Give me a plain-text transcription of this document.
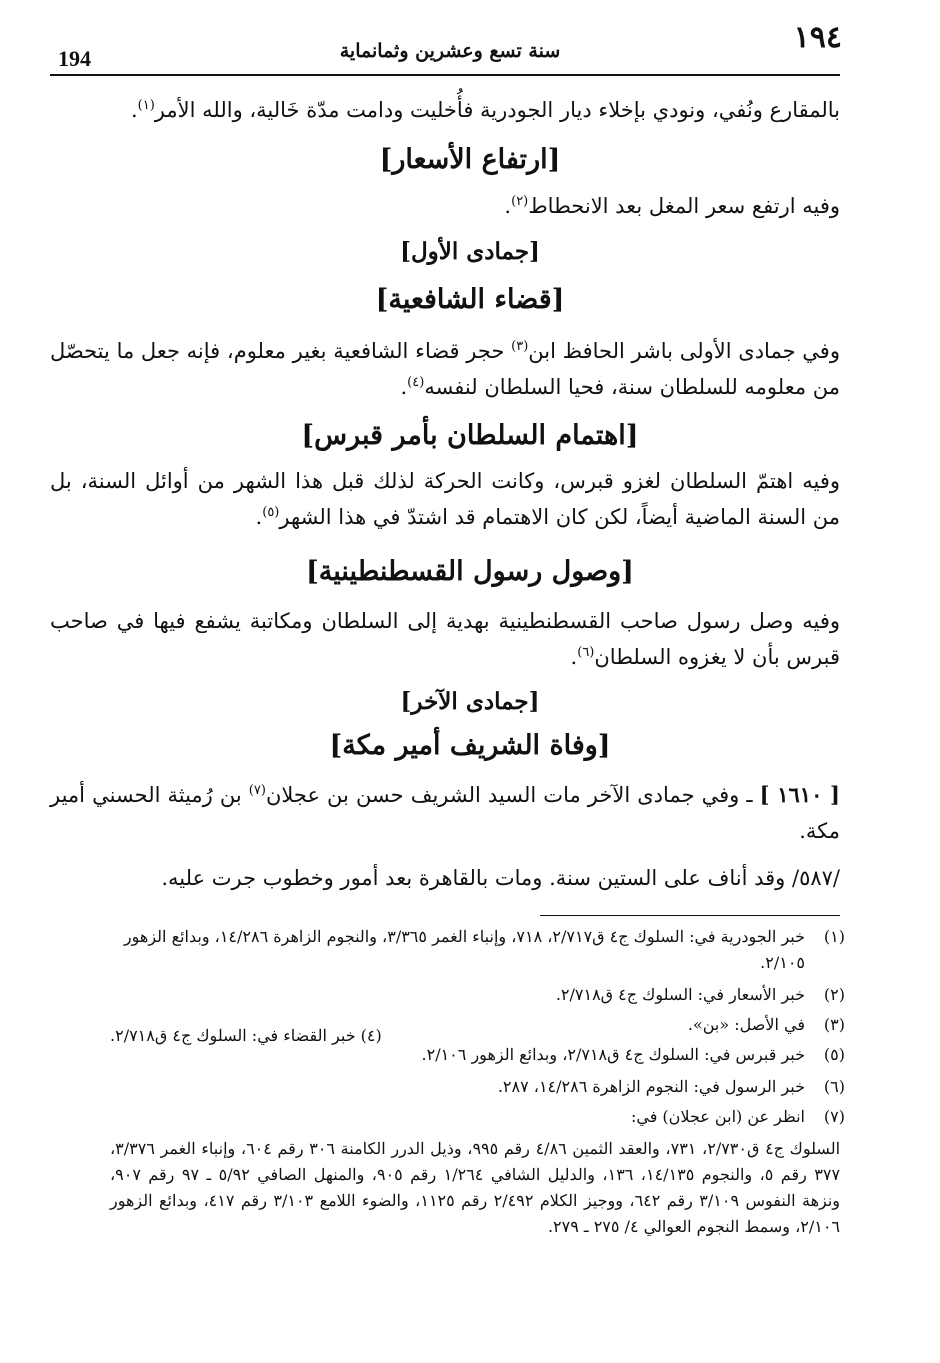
١٩٤
سنة تسع وعشرين وثمانماية
194
بالمقارع ونُفي، ونودي بإخلاء ديار الجودرية فأُخليت ودامت مدّة خَالية، والله الأمر$^{(١)}$.
[ارتفاع الأسعار]
وفيه ارتفع سعر المغل بعد الانحطاط$^{(٢)}$.
[جمادى الأول]
[قضاء الشافعية]
وفي جمادى الأولى باشر الحافظ ابن$^{(٣)}$ حجر قضاء الشافعية بغير معلوم، فإنه جعل ما يتحصّل من معلومه للسلطان سنة، فحيا السلطان لنفسه$^{(٤)}$.
[اهتمام السلطان بأمر قبرس]
وفيه اهتمّ السلطان لغزو قبرس، وكانت الحركة لذلك قبل هذا الشهر من أوائل السنة، بل من السنة الماضية أيضاً، لكن كان الاهتمام قد اشتدّ في هذا الشهر$^{(٥)}$.
[وصول رسول القسطنطينية]
وفيه وصل رسول صاحب القسطنطينية بهدية إلى السلطان ومكاتبة يشفع فيها في صاحب قبرس بأن لا يغزوه السلطان$^{(٦)}$.
[جمادى الآخر]
[وفاة الشريف أمير مكة]
[ ١٦١٠ ] ـ وفي جمادى الآخر مات السيد الشريف حسن بن عجلان$^{(٧)}$ بن رُميثة الحسني أمير مكة.
/٥٨٧/ وقد أناف على الستين سنة. ومات بالقاهرة بعد أمور وخطوب جرت عليه.
(١)
خبر الجودرية في: السلوك ج٤ ق٢/٧١٧، ٧١٨، وإنباء الغمر ٣/٣٦٥، والنجوم الزاهرة ١٤/٢٨٦، وبدائع الزهور ٢/١٠٥.
(٢)
خبر الأسعار في: السلوك ج٤ ق٢/٧١٨.
(٣)
في الأصل: «بن».
(٤) خبر القضاء في: السلوك ج٤ ق٢/٧١٨.
(٥)
خبر قبرس في: السلوك ج٤ ق٢/٧١٨، وبدائع الزهور ٢/١٠٦.
(٦)
خبر الرسول في: النجوم الزاهرة ١٤/٢٨٦، ٢٨٧.
(٧)
انظر عن (ابن عجلان) في:
السلوك ج٤ ق٢/٧٣٠، ٧٣١، والعقد الثمين ٤/٨٦ رقم ٩٩٥، وذيل الدرر الكامنة ٣٠٦ رقم ٦٠٤، وإنباء الغمر ٣/٣٧٦، ٣٧٧ رقم ٥، والنجوم ١٤/١٣٥، ١٣٦، والدليل الشافي ١/٢٦٤ رقم ٩٠٥، والمنهل الصافي ٥/٩٢ ـ ٩٧ رقم ٩٠٧، ونزهة النفوس ٣/١٠٩ رقم ٦٤٢، ووجيز الكلام ٢/٤٩٢ رقم ١١٢٥، والضوء اللامع ٣/١٠٣ رقم ٤١٧، وبدائع الزهور ٢/١٠٦، وسمط النجوم العوالي ٤/ ٢٧٥ ـ ٢٧٩.
